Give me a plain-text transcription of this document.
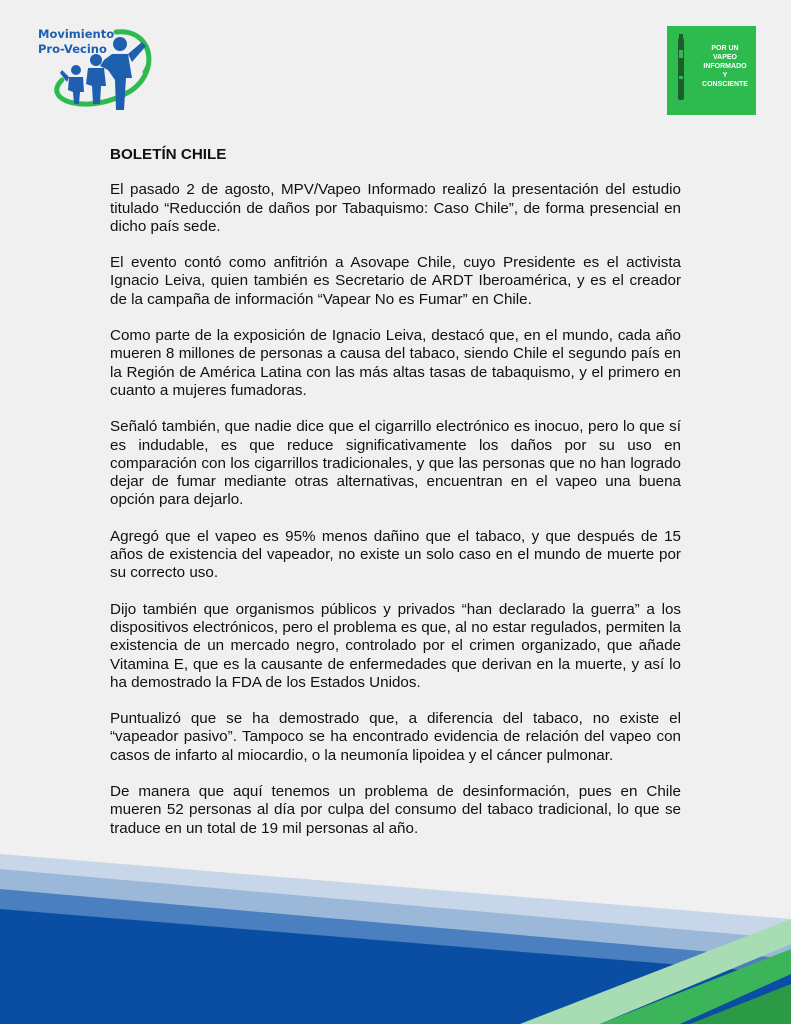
Movimiento
Pro-Vecino	POR UN
VAPEO
INFORMADO
Y
CONSCIENTE
BOLETÍN CHILE

El pasado 2 de agosto, MPV/Vapeo Informado realizó la presentación del estudio titulado “Reducción de daños por Tabaquismo: Caso Chile”, de forma presencial en dicho país sede.

El evento contó como anfitrión a Asovape Chile, cuyo Presidente es el activista Ignacio Leiva, quien también es Secretario de ARDT Iberoamérica, y es el creador de la campaña de información “Vapear No es Fumar” en Chile.

Como parte de la exposición de Ignacio Leiva, destacó que, en el mundo, cada año mueren 8 millones de personas a causa del tabaco, siendo Chile el segundo país en la Región de América Latina con las más altas tasas de tabaquismo, y el primero en cuanto a mujeres fumadoras.

Señaló también, que nadie dice que el cigarrillo electrónico es inocuo, pero lo que sí es indudable, es que reduce significativamente los daños por su uso en comparación con los cigarrillos tradicionales, y que las personas que no han logrado dejar de fumar mediante otras alternativas, encuentran en el vapeo una buena opción para dejarlo.

Agregó que el vapeo es 95% menos dañino que el tabaco, y que después de 15 años de existencia del vapeador, no existe un solo caso en el mundo de muerte por su correcto uso.

Dijo también que organismos públicos y privados “han declarado la guerra” a los dispositivos electrónicos, pero el problema es que, al no estar regulados, permiten la existencia de un mercado negro, controlado por el crimen organizado, que añade Vitamina E, que es la causante de enfermedades que derivan en la muerte, y así lo ha demostrado la FDA de los Estados Unidos.

Puntualizó que se ha demostrado que, a diferencia del tabaco, no existe el “vapeador pasivo”. Tampoco se ha encontrado evidencia de relación del vapeo con casos de infarto al miocardio, o la neumonía lipoidea y el cáncer pulmonar.

De manera que aquí tenemos un problema de desinformación, pues en Chile mueren 52 personas al día por culpa del consumo del tabaco tradicional, lo que se traduce en un total de 19 mil personas al año.
